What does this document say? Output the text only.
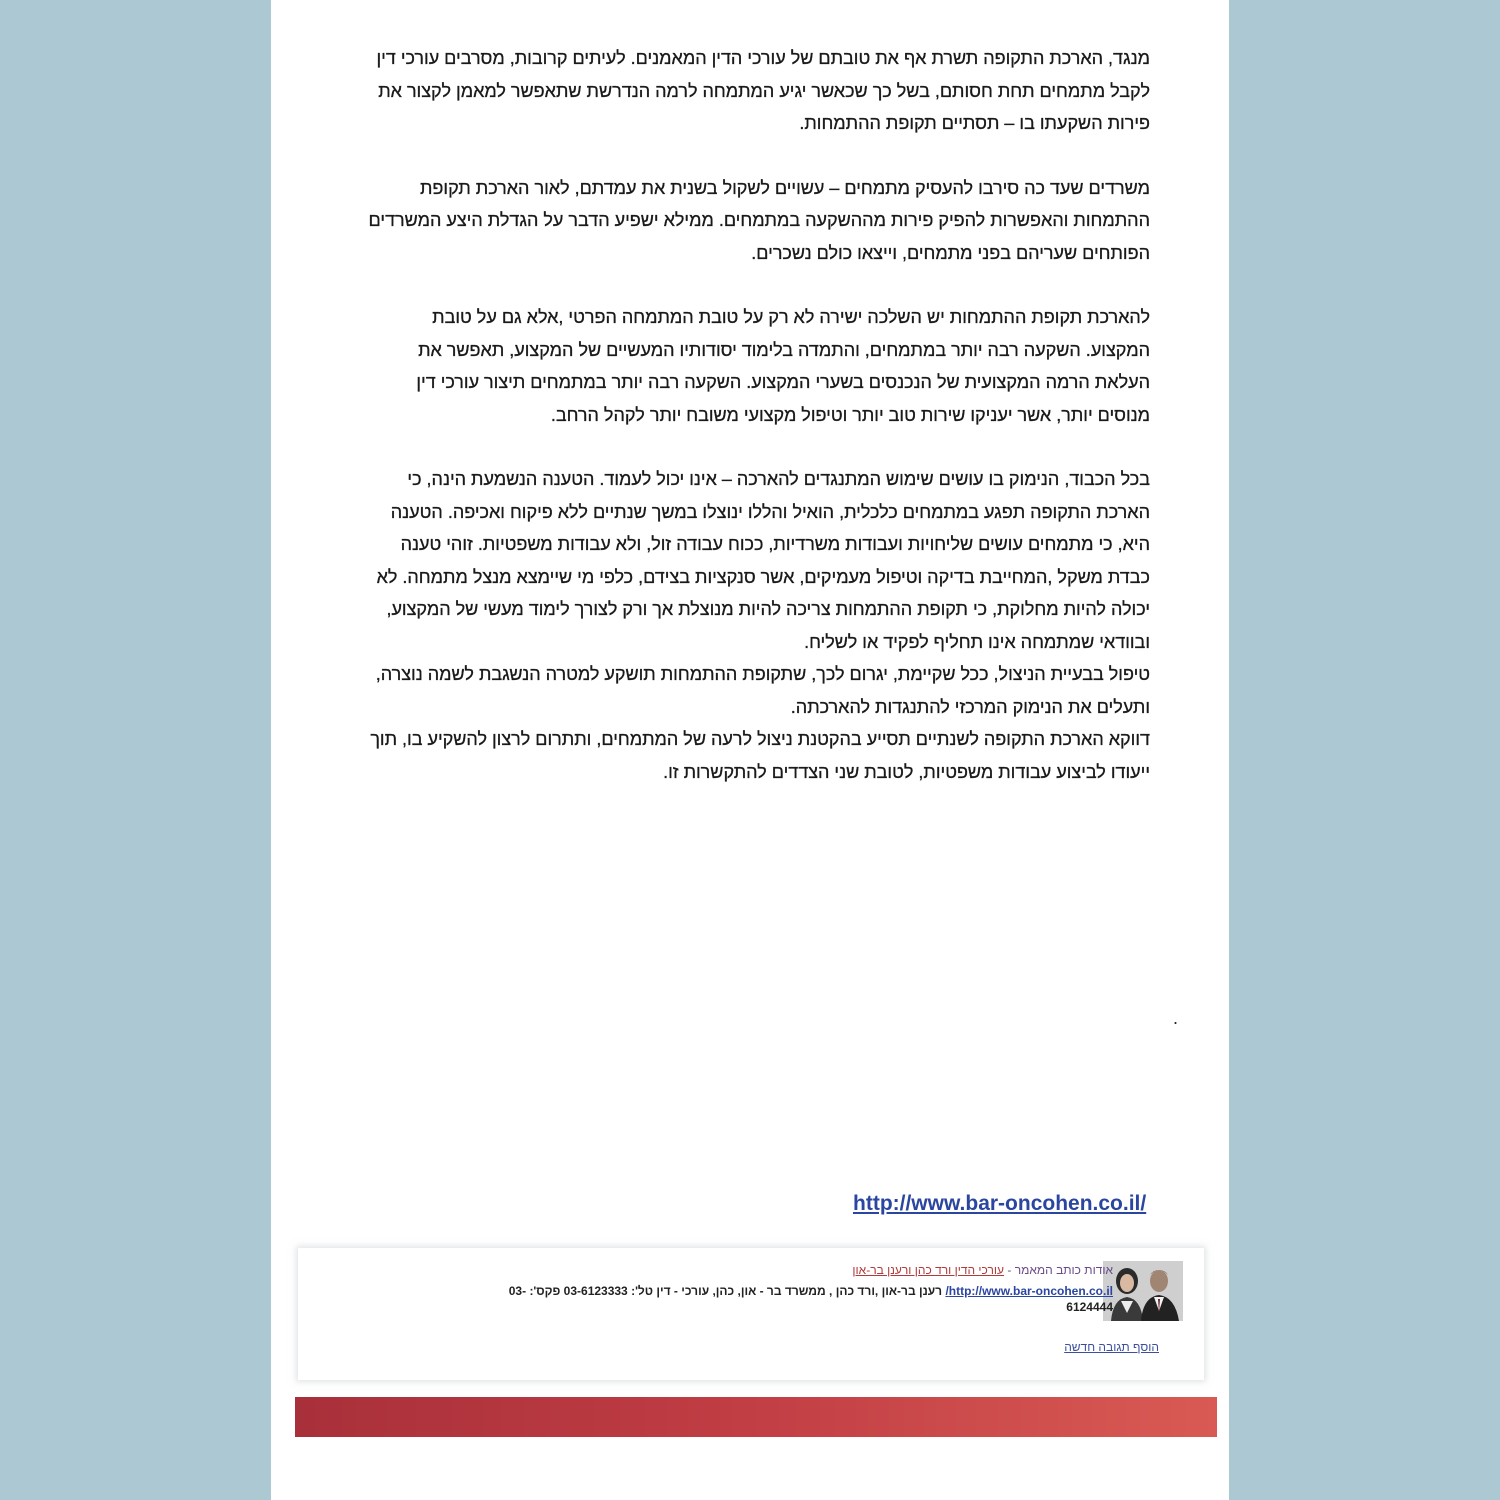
מנגד, הארכת התקופה תשרת אף את טובתם של עורכי הדין המאמנים. לעיתים קרובות, מסרבים עורכי דין לקבל מתמחים תחת חסותם, בשל כך שכאשר יגיע המתמחה לרמה הנדרשת שתאפשר למאמן לקצור את פירות השקעתו בו – תסתיים תקופת ההתמחות.

משרדים שעד כה סירבו להעסיק מתמחים – עשויים לשקול בשנית את עמדתם, לאור הארכת תקופת ההתמחות והאפשרות להפיק פירות מההשקעה במתמחים. ממילא ישפיע הדבר על הגדלת היצע המשרדים הפותחים שעריהם בפני מתמחים, וייצאו כולם נשכרים.

להארכת תקופת ההתמחות יש השלכה ישירה לא רק על טובת המתמחה הפרטי ,אלא גם על טובת המקצוע. השקעה רבה יותר במתמחים, והתמדה בלימוד יסודותיו המעשיים של המקצוע, תאפשר את העלאת הרמה המקצועית של הנכנסים בשערי המקצוע. השקעה רבה יותר במתמחים תיצור עורכי דין מנוסים יותר, אשר יעניקו שירות טוב יותר וטיפול מקצועי משובח יותר לקהל הרחב.

בכל הכבוד, הנימוק בו עושים שימוש המתנגדים להארכה – אינו יכול לעמוד. הטענה הנשמעת הינה, כי הארכת התקופה תפגע במתמחים כלכלית, הואיל והללו ינוצלו במשך שנתיים ללא פיקוח ואכיפה. הטענה היא, כי מתמחים עושים שליחויות ועבודות משרדיות, ככוח עבודה זול, ולא עבודות משפטיות. זוהי טענה כבדת משקל ,המחייבת בדיקה וטיפול מעמיקים, אשר סנקציות בצידם, כלפי מי שיימצא מנצל מתמחה. לא יכולה להיות מחלוקת, כי תקופת ההתמחות צריכה להיות מנוצלת אך ורק לצורך לימוד מעשי של המקצוע, ובוודאי שמתמחה אינו תחליף לפקיד או לשליח.

טיפול בבעיית הניצול, ככל שקיימת, יגרום לכך, שתקופת ההתמחות תושקע למטרה הנשגבת לשמה נוצרה, ותעלים את הנימוק המרכזי להתנגדות להארכתה.

דווקא הארכת התקופה לשנתיים תסייע בהקטנת ניצול לרעה של המתמחים, ותתרום לרצון להשקיע בו, תוך ייעודו לביצוע עבודות משפטיות, לטובת שני הצדדים להתקשרות זו.

.
http://www.bar-oncohen.co.il/
אודות כותב המאמר - עורכי הדין ורד כהן ורענן בר-און
http://www.bar-oncohen.co.il/ רענן בר-און ,ורד כהן , ממשרד בר - און, כהן, עורכי - דין טל': 03-6123333 פקס': -03
6124444
הוסף תגובה חדשה
